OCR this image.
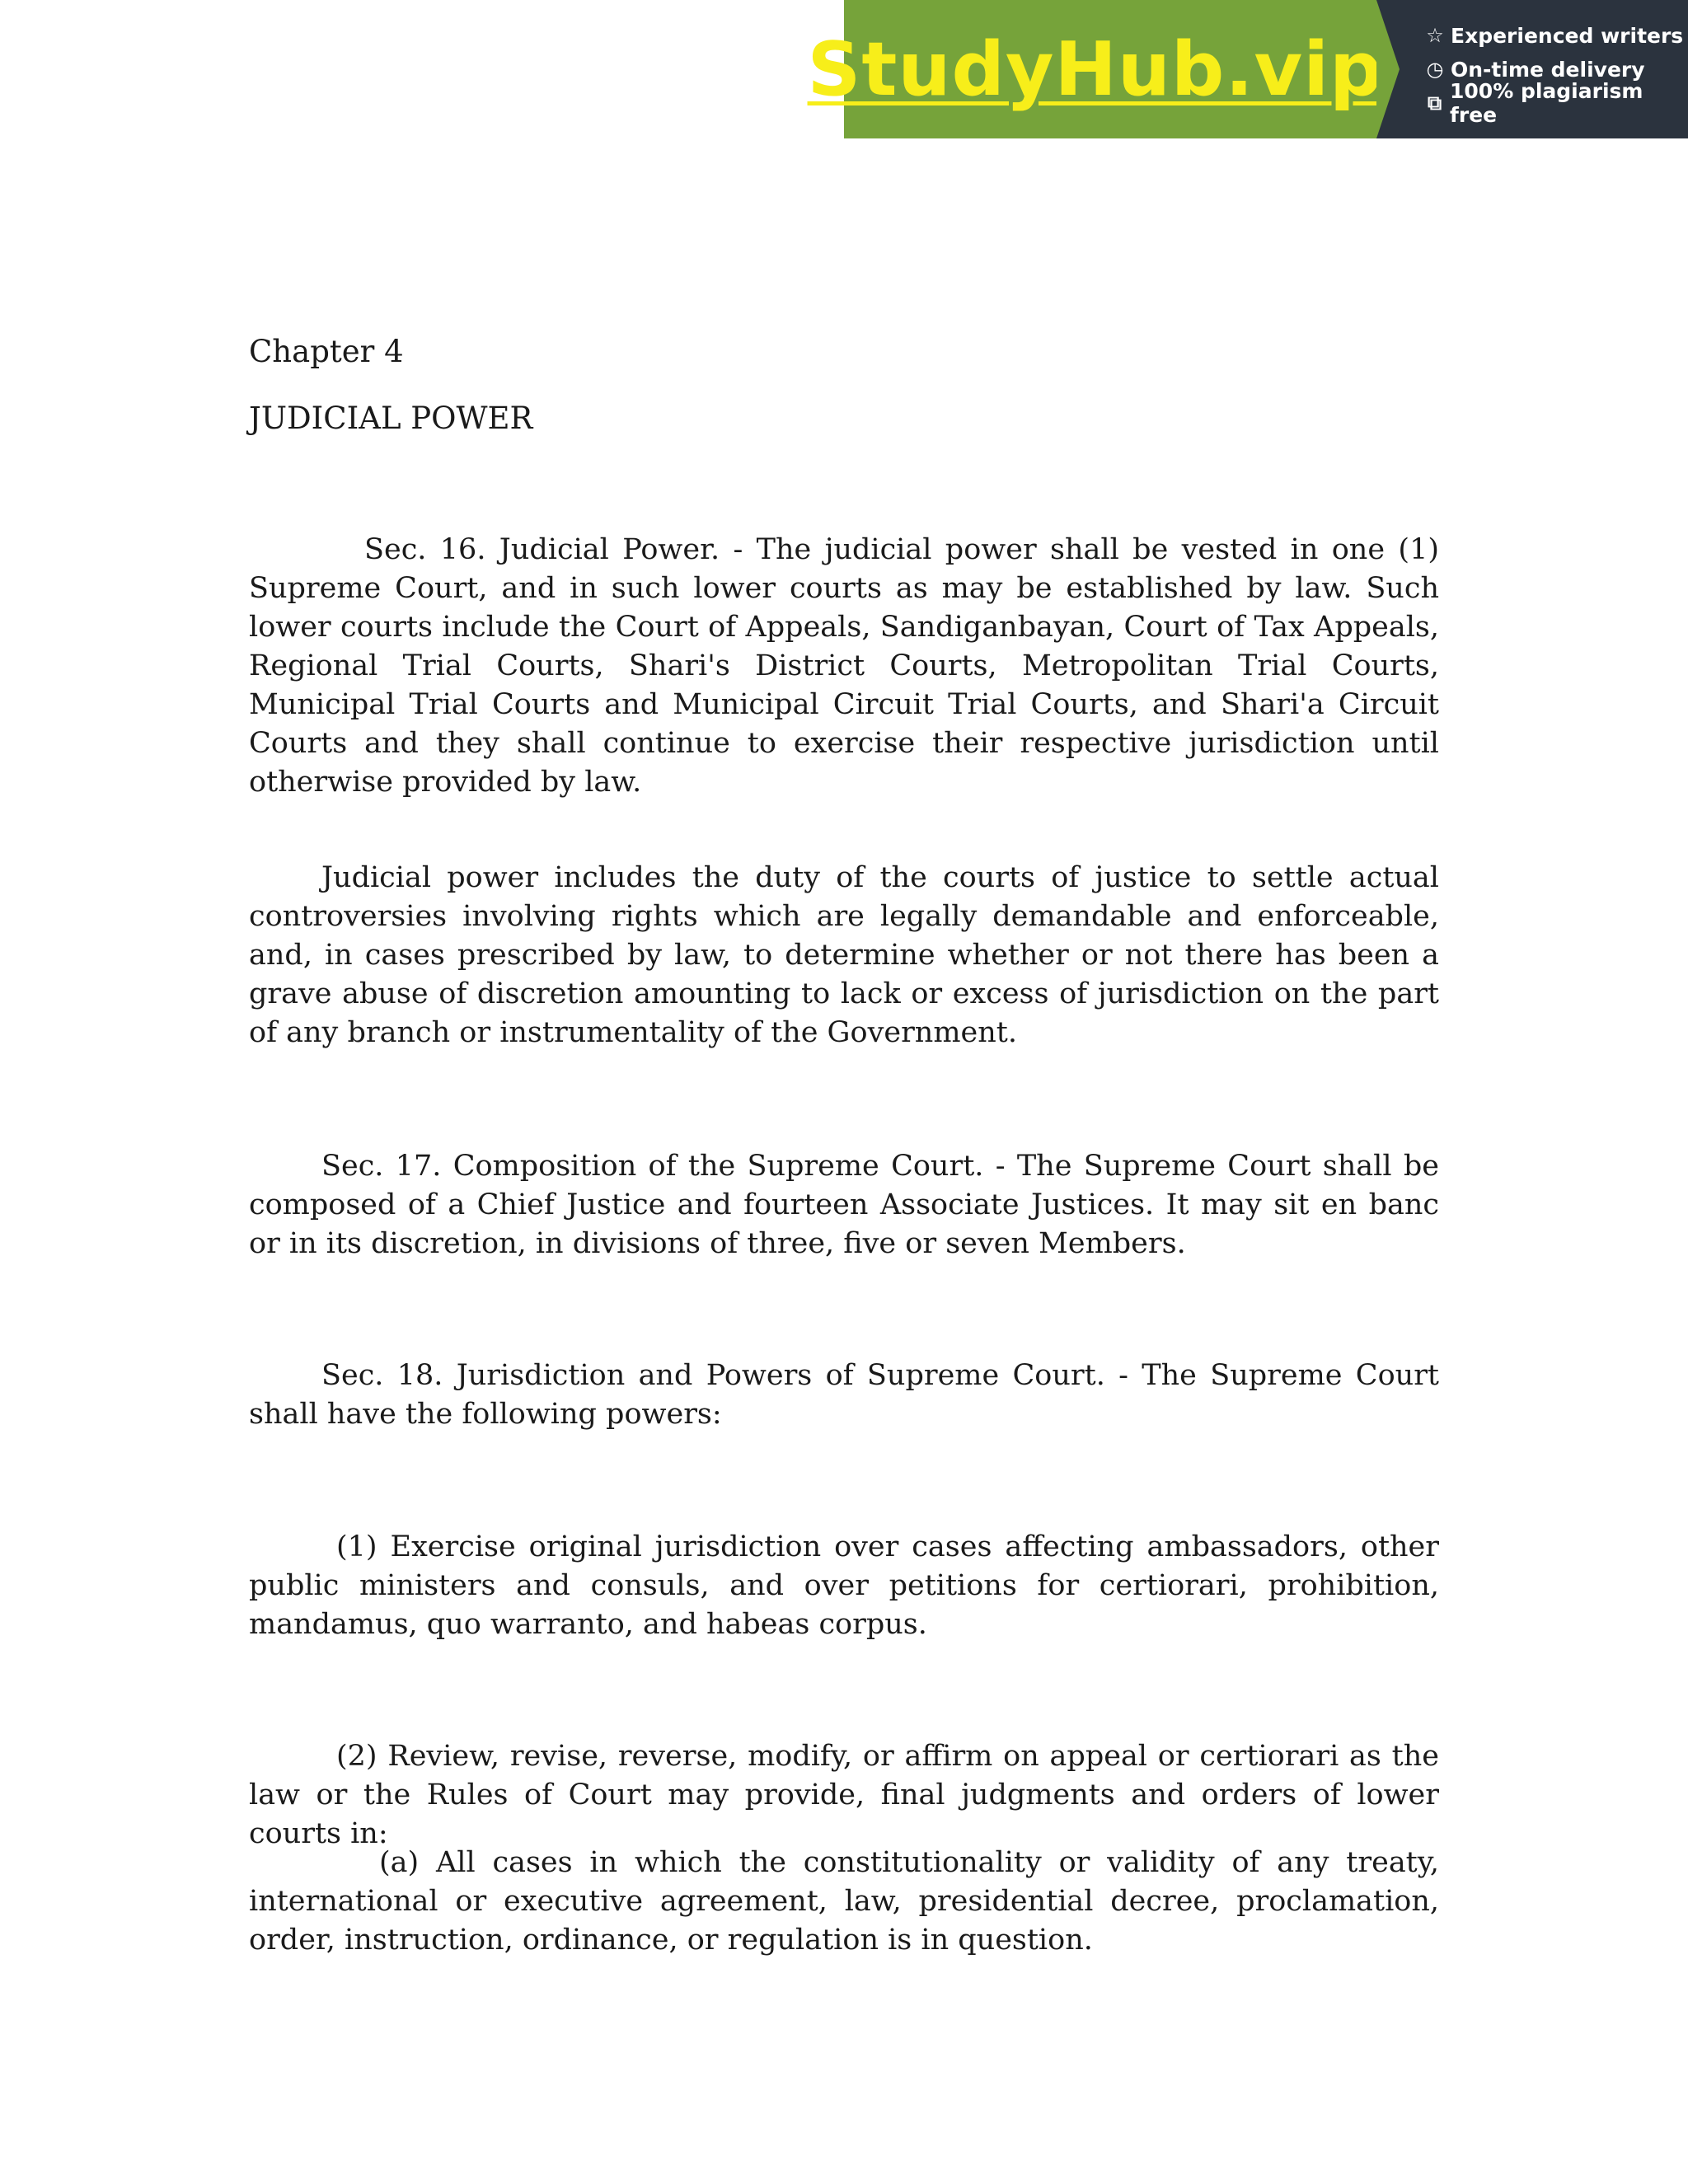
StudyHub.vip ☆ Experienced writers
◷ On-time delivery
⧉ 100% plagiarism free
Chapter 4
JUDICIAL POWER

Sec. 16. Judicial Power. - The judicial power shall be vested in one (1) Supreme Court, and in such lower courts as may be established by law. Such lower courts include the Court of Appeals, Sandiganbayan, Court of Tax Appeals, Regional Trial Courts, Shari's District Courts, Metropolitan Trial Courts, Municipal Trial Courts and Municipal Circuit Trial Courts, and Shari'a Circuit Courts and they shall continue to exercise their respective jurisdiction until otherwise provided by law.

Judicial power includes the duty of the courts of justice to settle actual controversies involving rights which are legally demandable and enforceable, and, in cases prescribed by law, to determine whether or not there has been a grave abuse of discretion amounting to lack or excess of jurisdiction on the part of any branch or instrumentality of the Government.

Sec. 17. Composition of the Supreme Court. - The Supreme Court shall be composed of a Chief Justice and fourteen Associate Justices. It may sit en banc or in its discretion, in divisions of three, five or seven Members.

Sec. 18. Jurisdiction and Powers of Supreme Court. - The Supreme Court shall have the following powers:

(1) Exercise original jurisdiction over cases affecting ambassadors, other public ministers and consuls, and over petitions for certiorari, prohibition, mandamus, quo warranto, and habeas corpus.

(2) Review, revise, reverse, modify, or affirm on appeal or certiorari as the law or the Rules of Court may provide, final judgments and orders of lower courts in:

(a) All cases in which the constitutionality or validity of any treaty, international or executive agreement, law, presidential decree, proclamation, order, instruction, ordinance, or regulation is in question.
